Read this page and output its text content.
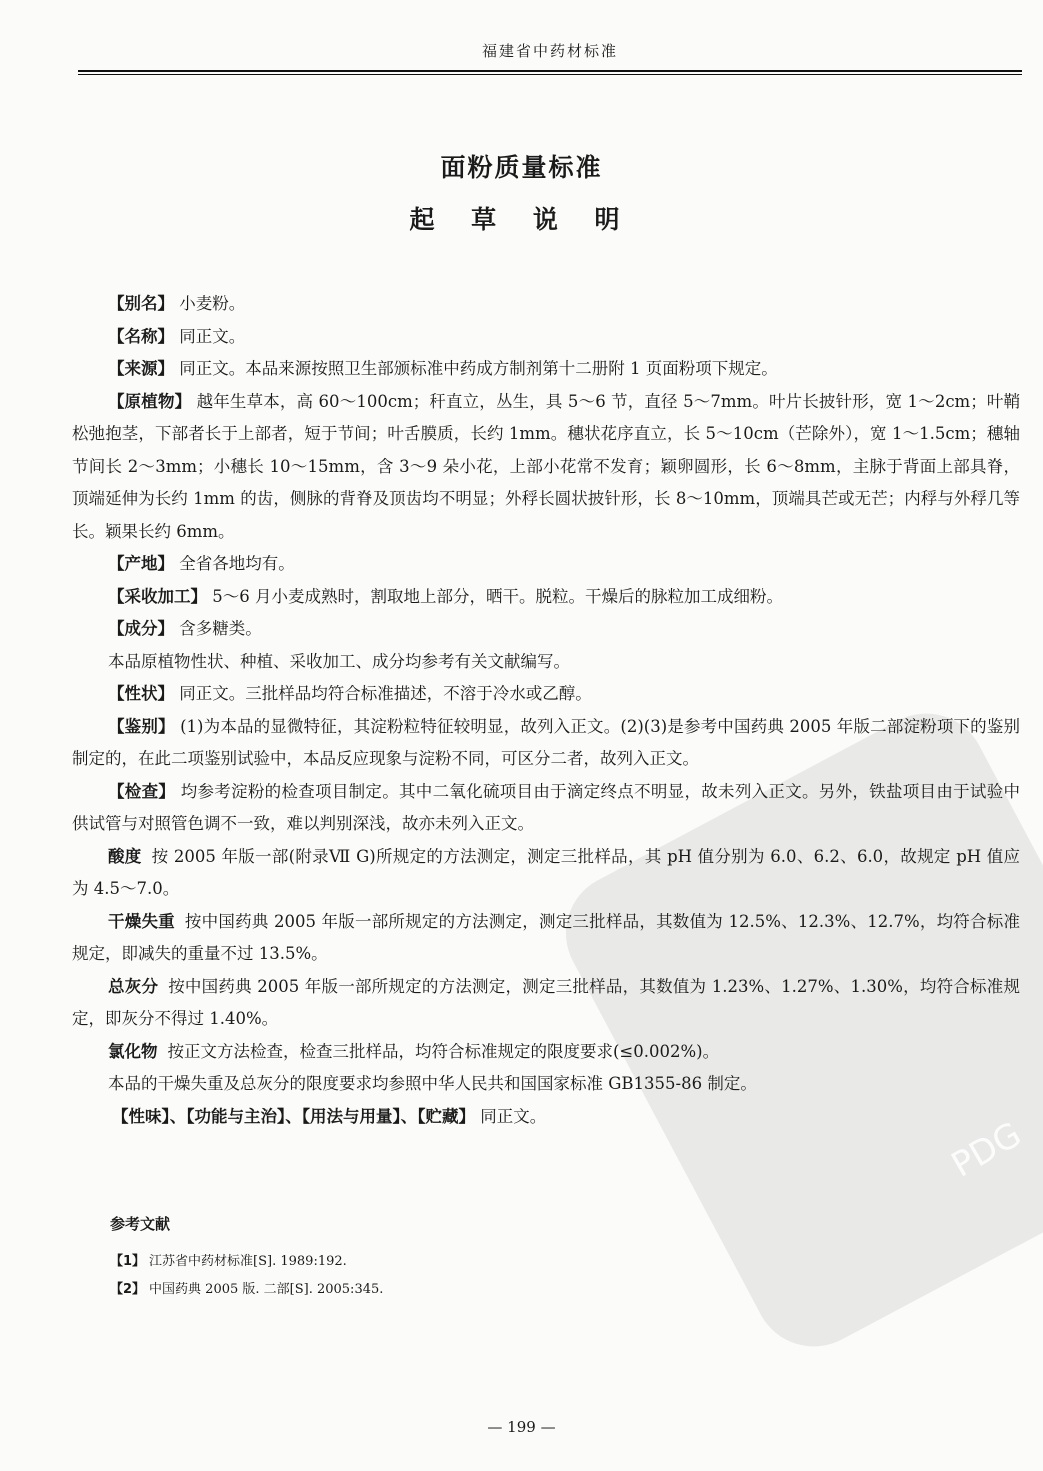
福建省中药材标准
PDG
面粉质量标准
起 草 说 明

【别名】 小麦粉。

【名称】 同正文。

【来源】 同正文。本品来源按照卫生部颁标准中药成方制剂第十二册附 1 页面粉项下规定。

【原植物】 越年生草本，高 60～100cm；秆直立，丛生，具 5～6 节，直径 5～7mm。叶片长披针形，宽 1～2cm；叶鞘松弛抱茎，下部者长于上部者，短于节间；叶舌膜质，长约 1mm。穗状花序直立，长 5～10cm（芒除外），宽 1～1.5cm；穗轴节间长 2～3mm；小穗长 10～15mm，含 3～9 朵小花，上部小花常不发育；颖卵圆形，长 6～8mm，主脉于背面上部具脊，顶端延伸为长约 1mm 的齿，侧脉的背脊及顶齿均不明显；外稃长圆状披针形，长 8～10mm，顶端具芒或无芒；内稃与外稃几等长。颖果长约 6mm。

【产地】 全省各地均有。

【采收加工】 5～6 月小麦成熟时，割取地上部分，晒干。脱粒。干燥后的脉粒加工成细粉。

【成分】 含多糖类。

本品原植物性状、种植、采收加工、成分均参考有关文献编写。

【性状】 同正文。三批样品均符合标准描述，不溶于冷水或乙醇。

【鉴别】 (1)为本品的显微特征，其淀粉粒特征较明显，故列入正文。(2)(3)是参考中国药典 2005 年版二部淀粉项下的鉴别制定的，在此二项鉴别试验中，本品反应现象与淀粉不同，可区分二者，故列入正文。

【检查】 均参考淀粉的检查项目制定。其中二氧化硫项目由于滴定终点不明显，故未列入正文。另外，铁盐项目由于试验中供试管与对照管色调不一致，难以判别深浅，故亦未列入正文。

酸度 按 2005 年版一部(附录Ⅶ G)所规定的方法测定，测定三批样品，其 pH 值分别为 6.0、6.2、6.0，故规定 pH 值应为 4.5～7.0。

干燥失重 按中国药典 2005 年版一部所规定的方法测定，测定三批样品，其数值为 12.5%、12.3%、12.7%，均符合标准规定，即减失的重量不过 13.5%。

总灰分 按中国药典 2005 年版一部所规定的方法测定，测定三批样品，其数值为 1.23%、1.27%、1.30%，均符合标准规定，即灰分不得过 1.40%。

氯化物 按正文方法检查，检查三批样品，均符合标准规定的限度要求(≤0.002%)。

本品的干燥失重及总灰分的限度要求均参照中华人民共和国国家标准 GB1355-86 制定。

【性味】、【功能与主治】、【用法与用量】、【贮藏】 同正文。

参考文献
【1】 江苏省中药材标准[S]. 1989:192.
【2】 中国药典 2005 版. 二部[S]. 2005:345.
— 199 —
